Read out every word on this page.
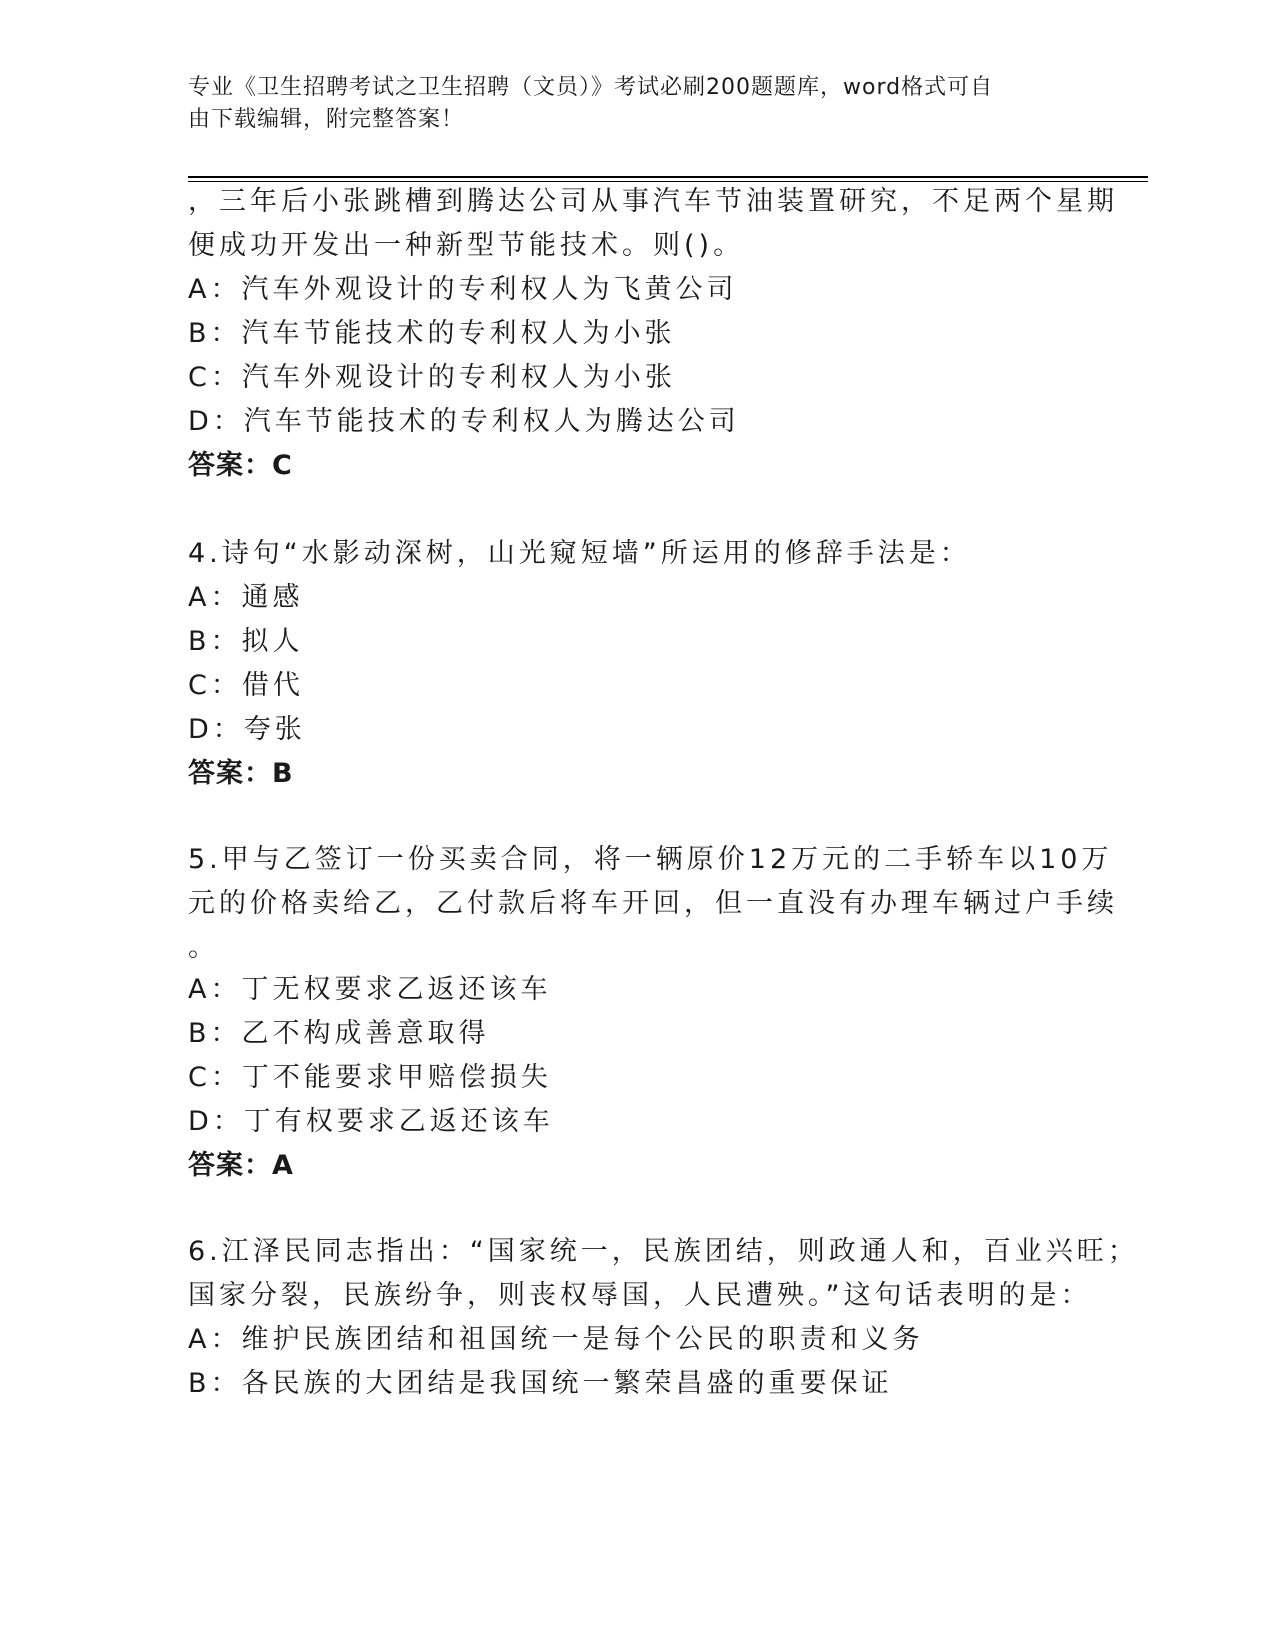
专业《卫生招聘考试之卫生招聘（文员）》考试必刷200题题库，word格式可自
由下载编辑，附完整答案！
，三年后小张跳槽到腾达公司从事汽车节油装置研究，不足两个星期
便成功开发出一种新型节能技术。则()。
A：汽车外观设计的专利权人为飞黄公司
B：汽车节能技术的专利权人为小张
C：汽车外观设计的专利权人为小张
D：汽车节能技术的专利权人为腾达公司
答案：C
4.诗句“水影动深树，山光窥短墙”所运用的修辞手法是：
A：通感
B：拟人
C：借代
D：夸张
答案：B
5.甲与乙签订一份买卖合同，将一辆原价12万元的二手轿车以10万
元的价格卖给乙，乙付款后将车开回，但一直没有办理车辆过户手续
。
A：丁无权要求乙返还该车
B：乙不构成善意取得
C：丁不能要求甲赔偿损失
D：丁有权要求乙返还该车
答案：A
6.江泽民同志指出：“国家统一，民族团结，则政通人和，百业兴旺；
国家分裂，民族纷争，则丧权辱国，人民遭殃。”这句话表明的是：
A：维护民族团结和祖国统一是每个公民的职责和义务
B：各民族的大团结是我国统一繁荣昌盛的重要保证
